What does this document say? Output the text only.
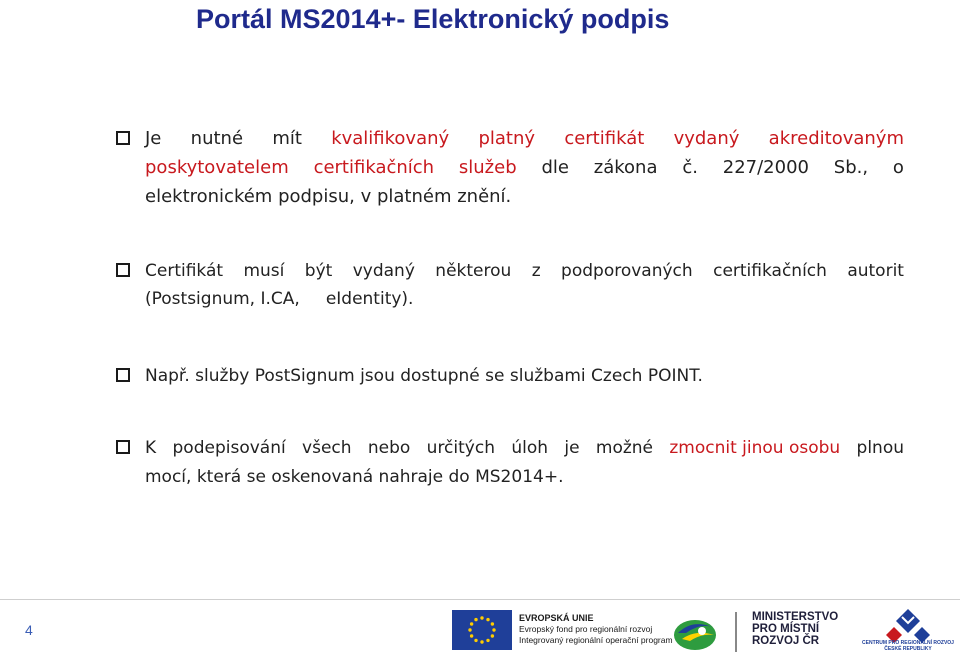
Portál MS2014+- Elektronický podpis
Je nutné mít kvalifikovaný platný certifikát vydaný akreditovaným
poskytovatelem certifikačních služeb dle zákona č. 227/2000 Sb., o
elektronickém podpisu, v platném znění.
Certifikát musí být vydaný některou z podporovaných certifikačních autorit
(Postsignum, I.CA, eIdentity).
Např. služby PostSignum jsou dostupné se službami Czech POINT.
K podepisování všech nebo určitých úloh je možné zmocnit jinou osobu plnou
mocí, která se oskenovaná nahraje do MS2014+.
4
EVROPSKÁ UNIE
Evropský fond pro regionální rozvoj
Integrovaný regionální operační program
MINISTERSTVO
PRO MÍSTNÍ
ROZVOJ ČR	CENTRUM PRO REGIONÁLNÍ ROZVOJ
ČESKÉ REPUBLIKY
